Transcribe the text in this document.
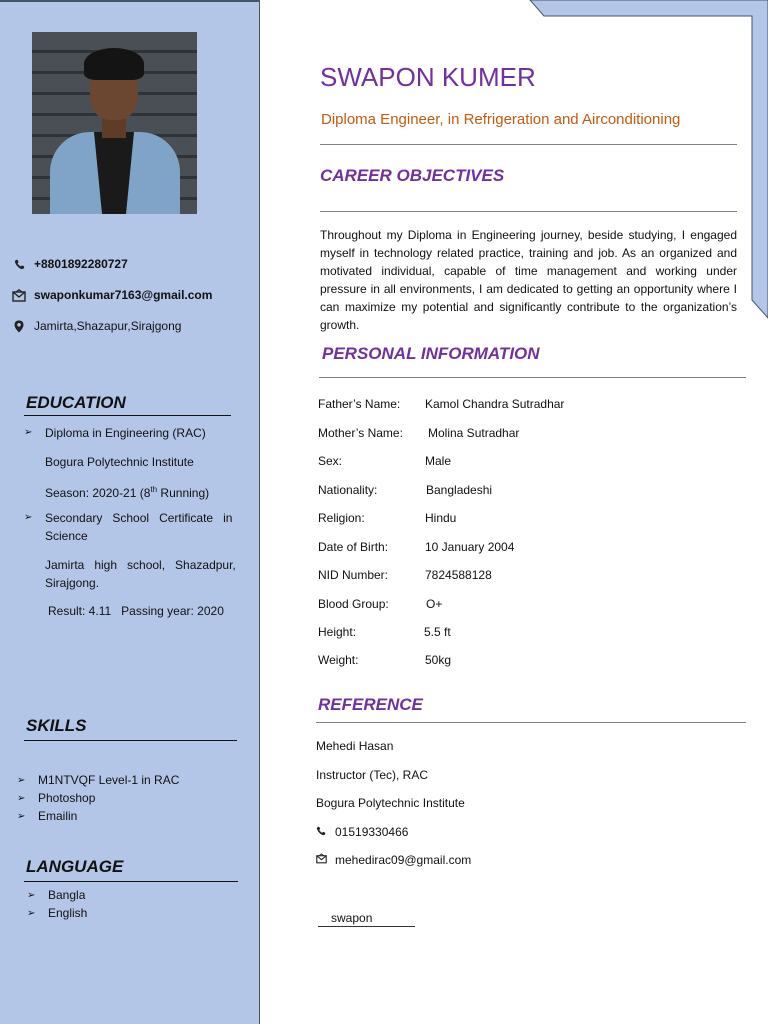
+8801892280727
swaponkumar7163@gmail.com
Jamirta,Shazapur,Sirajgong
EDUCATION
➢ Diploma in Engineering (RAC)
Bogura Polytechnic Institute
Season: 2020-21 (8th Running)
➢ Secondary   School   Certificate   in
Science
Jamirta   high   school,   Shazadpur,
Sirajgong.
Result: 4.11   Passing year: 2020
SKILLS
➢ M1NTVQF Level-1 in RAC
➢ Photoshop
➢ Emailin
LANGUAGE
➢ Bangla
➢ English
SWAPON KUMER
Diploma Engineer, in Refrigeration and Airconditioning
CAREER OBJECTIVES
Throughout my Diploma in Engineering journey, beside studying, I engaged myself in technology related practice, training and job. As an organized and motivated individual, capable of time management and working under pressure in all environments, I am dedicated to getting an opportunity where I can maximize my potential and significantly contribute to the organization’s growth.
PERSONAL INFORMATION
Father’s Name: Kamol Chandra Sutradhar
Mother’s Name: Molina Sutradhar
Sex:	Male
Nationality:	Bangladeshi
Religion:	Hindu
Date of Birth:	10 January 2004
NID Number:	7824588128
Blood Group:	O+
Height:	5.5 ft
Weight:	50kg
REFERENCE
Mehedi Hasan
Instructor (Tec), RAC
Bogura Polytechnic Institute
01519330466
mehedirac09@gmail.com
swapon
